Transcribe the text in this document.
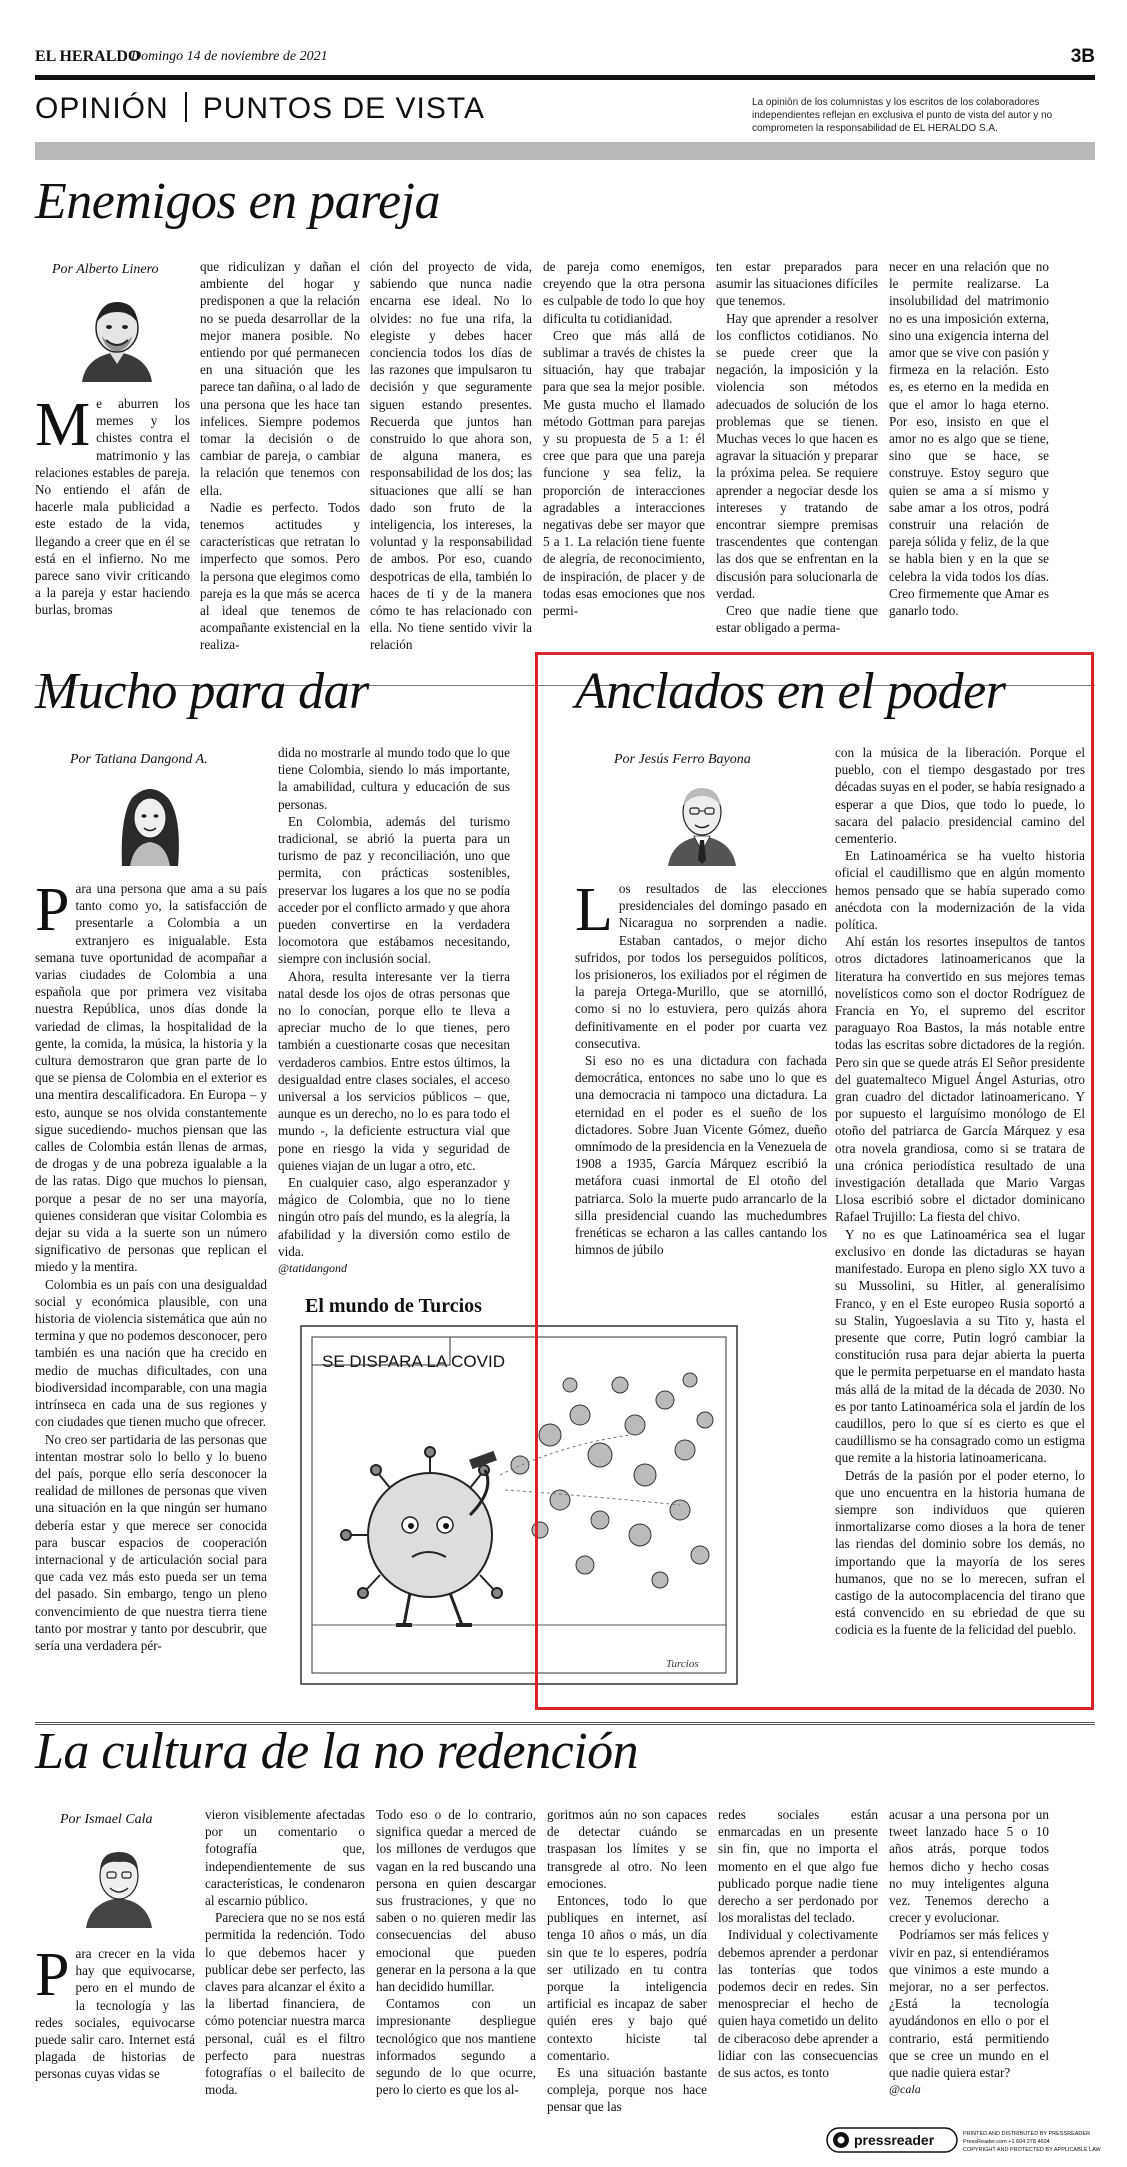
EL HERALDO
Domingo 14 de noviembre de 2021	3B
OPINIÓN PUNTOS DE VISTA	La opinión de los columnistas y los escritos de los colaboradores independientes reflejan en exclusiva el punto de vista del autor y no comprometen la responsabilidad de EL HERALDO S.A.
Enemigos en pareja
Por Alberto Linero
Me aburren los memes y los chistes contra el matrimonio y las relaciones estables de pareja. No entiendo el afán de hacerle mala publicidad a este estado de la vida, llegando a creer que en él se está en el infierno. No me parece sano vivir criticando a la pareja y estar haciendo burlas, bromas

que ridiculizan y dañan el ambiente del hogar y predisponen a que la relación no se pueda desarrollar de la mejor manera posible. No entiendo por qué permanecen en una situación que les parece tan dañina, o al lado de una persona que les hace tan infelices. Siempre podemos tomar la decisión o de cambiar de pareja, o cambiar la relación que tenemos con ella.

Nadie es perfecto. Todos tenemos actitudes y características que retratan lo imperfecto que somos. Pero la persona que elegimos como pareja es la que más se acerca al ideal que tenemos de acompañante existencial en la realiza-

ción del proyecto de vida, sabiendo que nunca nadie encarna ese ideal. No lo olvides: no fue una rifa, la elegiste y debes hacer conciencia todos los días de las razones que impulsaron tu decisión y que seguramente siguen estando presentes. Recuerda que juntos han construido lo que ahora son, de alguna manera, es responsabilidad de los dos; las situaciones que allí se han dado son fruto de la inteligencia, los intereses, la voluntad y la responsabilidad de ambos. Por eso, cuando despotricas de ella, también lo haces de ti y de la manera cómo te has relacionado con ella. No tiene sentido vivir la relación

de pareja como enemigos, creyendo que la otra persona es culpable de todo lo que hoy dificulta tu cotidianidad.

Creo que más allá de sublimar a través de chistes la situación, hay que trabajar para que sea la mejor posible. Me gusta mucho el llamado método Gottman para parejas y su propuesta de 5 a 1: él cree que para que una pareja funcione y sea feliz, la proporción de interacciones agradables a interacciones negativas debe ser mayor que 5 a 1. La relación tiene fuente de alegría, de reconocimiento, de inspiración, de placer y de todas esas emociones que nos permi-

ten estar preparados para asumir las situaciones difíciles que tenemos.

Hay que aprender a resolver los conflictos cotidianos. No se puede creer que la negación, la imposición y la violencia son métodos adecuados de solución de los problemas que se tienen. Muchas veces lo que hacen es agravar la situación y preparar la próxima pelea. Se requiere aprender a negociar desde los intereses y tratando de encontrar siempre premisas trascendentes que contengan las dos que se enfrentan en la discusión para solucionarla de verdad.

Creo que nadie tiene que estar obligado a perma-

necer en una relación que no le permite realizarse. La insolubilidad del matrimonio no es una imposición externa, sino una exigencia interna del amor que se vive con pasión y firmeza en la relación. Esto es, es eterno en la medida en que el amor lo haga eterno. Por eso, insisto en que el amor no es algo que se tiene, sino que se hace, se construye. Estoy seguro que quien se ama a sí mismo y sabe amar a los otros, podrá construir una relación de pareja sólida y feliz, de la que se habla bien y en la que se celebra la vida todos los días. Creo firmemente que Amar es ganarlo todo.

Mucho para dar
Por Tatiana Dangond A.

Para una persona que ama a su país tanto como yo, la satisfacción de presentarle a Colombia a un extranjero es inigualable. Esta semana tuve oportunidad de acompañar a varias ciudades de Colombia a una española que por primera vez visitaba nuestra República, unos días donde la variedad de climas, la hospitalidad de la gente, la comida, la música, la historia y la cultura demostraron que gran parte de lo que se piensa de Colombia en el exterior es una mentira descalificadora. En Europa – y esto, aunque se nos olvida constantemente sigue sucediendo- muchos piensan que las calles de Colombia están llenas de armas, de drogas y de una pobreza igualable a la de las ratas. Digo que muchos lo piensan, porque a pesar de no ser una mayoría, quienes consideran que visitar Colombia es dejar su vida a la suerte son un número significativo de personas que replican el miedo y la mentira.

Colombia es un país con una desigualdad social y económica plausible, con una historia de violencia sistemática que aún no termina y que no podemos desconocer, pero también es una nación que ha crecido en medio de muchas dificultades, con una biodiversidad incomparable, con una magia intrínseca en cada una de sus regiones y con ciudades que tienen mucho que ofrecer.

No creo ser partidaria de las personas que intentan mostrar solo lo bello y lo bueno del país, porque ello sería desconocer la realidad de millones de personas que viven una situación en la que ningún ser humano debería estar y que merece ser conocida para buscar espacios de cooperación internacional y de articulación social para que cada vez más esto pueda ser un tema del pasado. Sin embargo, tengo un pleno convencimiento de que nuestra tierra tiene tanto por mostrar y tanto por descubrir, que sería una verdadera pér-

dida no mostrarle al mundo todo que lo que tiene Colombia, siendo lo más importante, la amabilidad, cultura y educación de sus personas.

En Colombia, además del turismo tradicional, se abrió la puerta para un turismo de paz y reconciliación, uno que permita, con prácticas sostenibles, preservar los lugares a los que no se podía acceder por el conflicto armado y que ahora pueden convertirse en la verdadera locomotora que estábamos necesitando, siempre con inclusión social.

Ahora, resulta interesante ver la tierra natal desde los ojos de otras personas que no lo conocían, porque ello te lleva a apreciar mucho de lo que tienes, pero también a cuestionarte cosas que necesitan verdaderos cambios. Entre estos últimos, la desigualdad entre clases sociales, el acceso universal a los servicios públicos – que, aunque es un derecho, no lo es para todo el mundo -, la deficiente estructura vial que pone en riesgo la vida y seguridad de quienes viajan de un lugar a otro, etc.

En cualquier caso, algo esperanzador y mágico de Colombia, que no lo tiene ningún otro país del mundo, es la alegría, la afabilidad y la diversión como estilo de vida.

@tatidangond

El mundo de Turcios
SE DISPARA LA COVID
Turcios
Anclados en el poder
Por Jesús Ferro Bayona

Los resultados de las elecciones presidenciales del domingo pasado en Nicaragua no sorprenden a nadie. Estaban cantados, o mejor dicho sufridos, por todos los perseguidos políticos, los prisioneros, los exiliados por el régimen de la pareja Ortega-Murillo, que se atornilló, como si no lo estuviera, pero quizás ahora definitivamente en el poder por cuarta vez consecutiva.

Si eso no es una dictadura con fachada democrática, entonces no sabe uno lo que es una democracia ni tampoco una dictadura. La eternidad en el poder es el sueño de los dictadores. Sobre Juan Vicente Gómez, dueño omnímodo de la presidencia en la Venezuela de 1908 a 1935, García Márquez escribió la metáfora cuasi inmortal de El otoño del patriarca. Solo la muerte pudo arrancarlo de la silla presidencial cuando las muchedumbres frenéticas se echaron a las calles cantando los himnos de júbilo

con la música de la liberación. Porque el pueblo, con el tiempo desgastado por tres décadas suyas en el poder, se había resignado a esperar a que Dios, que todo lo puede, lo sacara del palacio presidencial camino del cementerio.

En Latinoamérica se ha vuelto historia oficial el caudillismo que en algún momento hemos pensado que se había superado como anécdota con la modernización de la vida política.

Ahí están los resortes insepultos de tantos otros dictadores latinoamericanos que la literatura ha convertido en sus mejores temas novelísticos como son el doctor Rodríguez de Francia en Yo, el supremo del escritor paraguayo Roa Bastos, la más notable entre todas las escritas sobre dictadores de la región. Pero sin que se quede atrás El Señor presidente del guatemalteco Miguel Ángel Asturias, otro gran cuadro del dictador latinoamericano. Y por supuesto el larguísimo monólogo de El otoño del patriarca de García Márquez y esa otra novela grandiosa, como si se tratara de una crónica periodística resultado de una investigación detallada que Mario Vargas Llosa escribió sobre el dictador dominicano Rafael Trujillo: La fiesta del chivo.

Y no es que Latinoamérica sea el lugar exclusivo en donde las dictaduras se hayan manifestado. Europa en pleno siglo XX tuvo a su Mussolini, su Hitler, al generalísimo Franco, y en el Este europeo Rusia soportó a su Stalin, Yugoeslavia a su Tito y, hasta el presente que corre, Putin logró cambiar la constitución rusa para dejar abierta la puerta que le permita perpetuarse en el mandato hasta más allá de la mitad de la década de 2030. No es por tanto Latinoamérica sola el jardín de los caudillos, pero lo que sí es cierto es que el caudillismo se ha consagrado como un estigma que remite a la historia latinoamericana.

Detrás de la pasión por el poder eterno, lo que uno encuentra en la historia humana de siempre son individuos que quieren inmortalizarse como dioses a la hora de tener las riendas del dominio sobre los demás, no importando que la mayoría de los seres humanos, que no se lo merecen, sufran el castigo de la autocomplacencia del tirano que está convencido en su ebriedad de que su codicia es la fuente de la felicidad del pueblo.

La cultura de la no redención
Por Ismael Cala
Para crecer en la vida hay que equivocarse, pero en el mundo de la tecnología y las redes sociales, equivocarse puede salir caro. Internet está plagada de historias de personas cuyas vidas se

vieron visiblemente afectadas por un comentario o fotografía que, independientemente de sus características, le condenaron al escarnio público.

Pareciera que no se nos está permitida la redención. Todo lo que debemos hacer y publicar debe ser perfecto, las claves para alcanzar el éxito a la libertad financiera, de cómo potenciar nuestra marca personal, cuál es el filtro perfecto para nuestras fotografías o el bailecito de moda.

Todo eso o de lo contrario, significa quedar a merced de los millones de verdugos que vagan en la red buscando una persona en quien descargar sus frustraciones, y que no saben o no quieren medir las consecuencias del abuso emocional que pueden generar en la persona a la que han decidido humillar.

Contamos con un impresionante despliegue tecnológico que nos mantiene informados segundo a segundo de lo que ocurre, pero lo cierto es que los al-

goritmos aún no son capaces de detectar cuándo se traspasan los límites y se transgrede al otro. No leen emociones.

Entonces, todo lo que publiques en internet, así tenga 10 años o más, un día sin que te lo esperes, podría ser utilizado en tu contra porque la inteligencia artificial es incapaz de saber quién eres y bajo qué contexto hiciste tal comentario.

Es una situación bastante compleja, porque nos hace pensar que las

redes sociales están enmarcadas en un presente sin fin, que no importa el momento en el que algo fue publicado porque nadie tiene derecho a ser perdonado por los moralistas del teclado.

Individual y colectivamente debemos aprender a perdonar las tonterías que todos podemos decir en redes. Sin menospreciar el hecho de quien haya cometido un delito de ciberacoso debe aprender a lidiar con las consecuencias de sus actos, es tonto

acusar a una persona por un tweet lanzado hace 5 o 10 años atrás, porque todos hemos dicho y hecho cosas no muy inteligentes alguna vez. Tenemos derecho a crecer y evolucionar.

Podríamos ser más felices y vivir en paz, si entendiéramos que vinimos a este mundo a mejorar, no a ser perfectos. ¿Está la tecnología ayudándonos en ello o por el contrario, está permitiendo que se cree un mundo en el que nadie quiera estar?

@cala

pressreader	PRINTED AND DISTRIBUTED BY PRESSREADER
PressReader.com +1 604 278 4604
COPYRIGHT AND PROTECTED BY APPLICABLE LAW
